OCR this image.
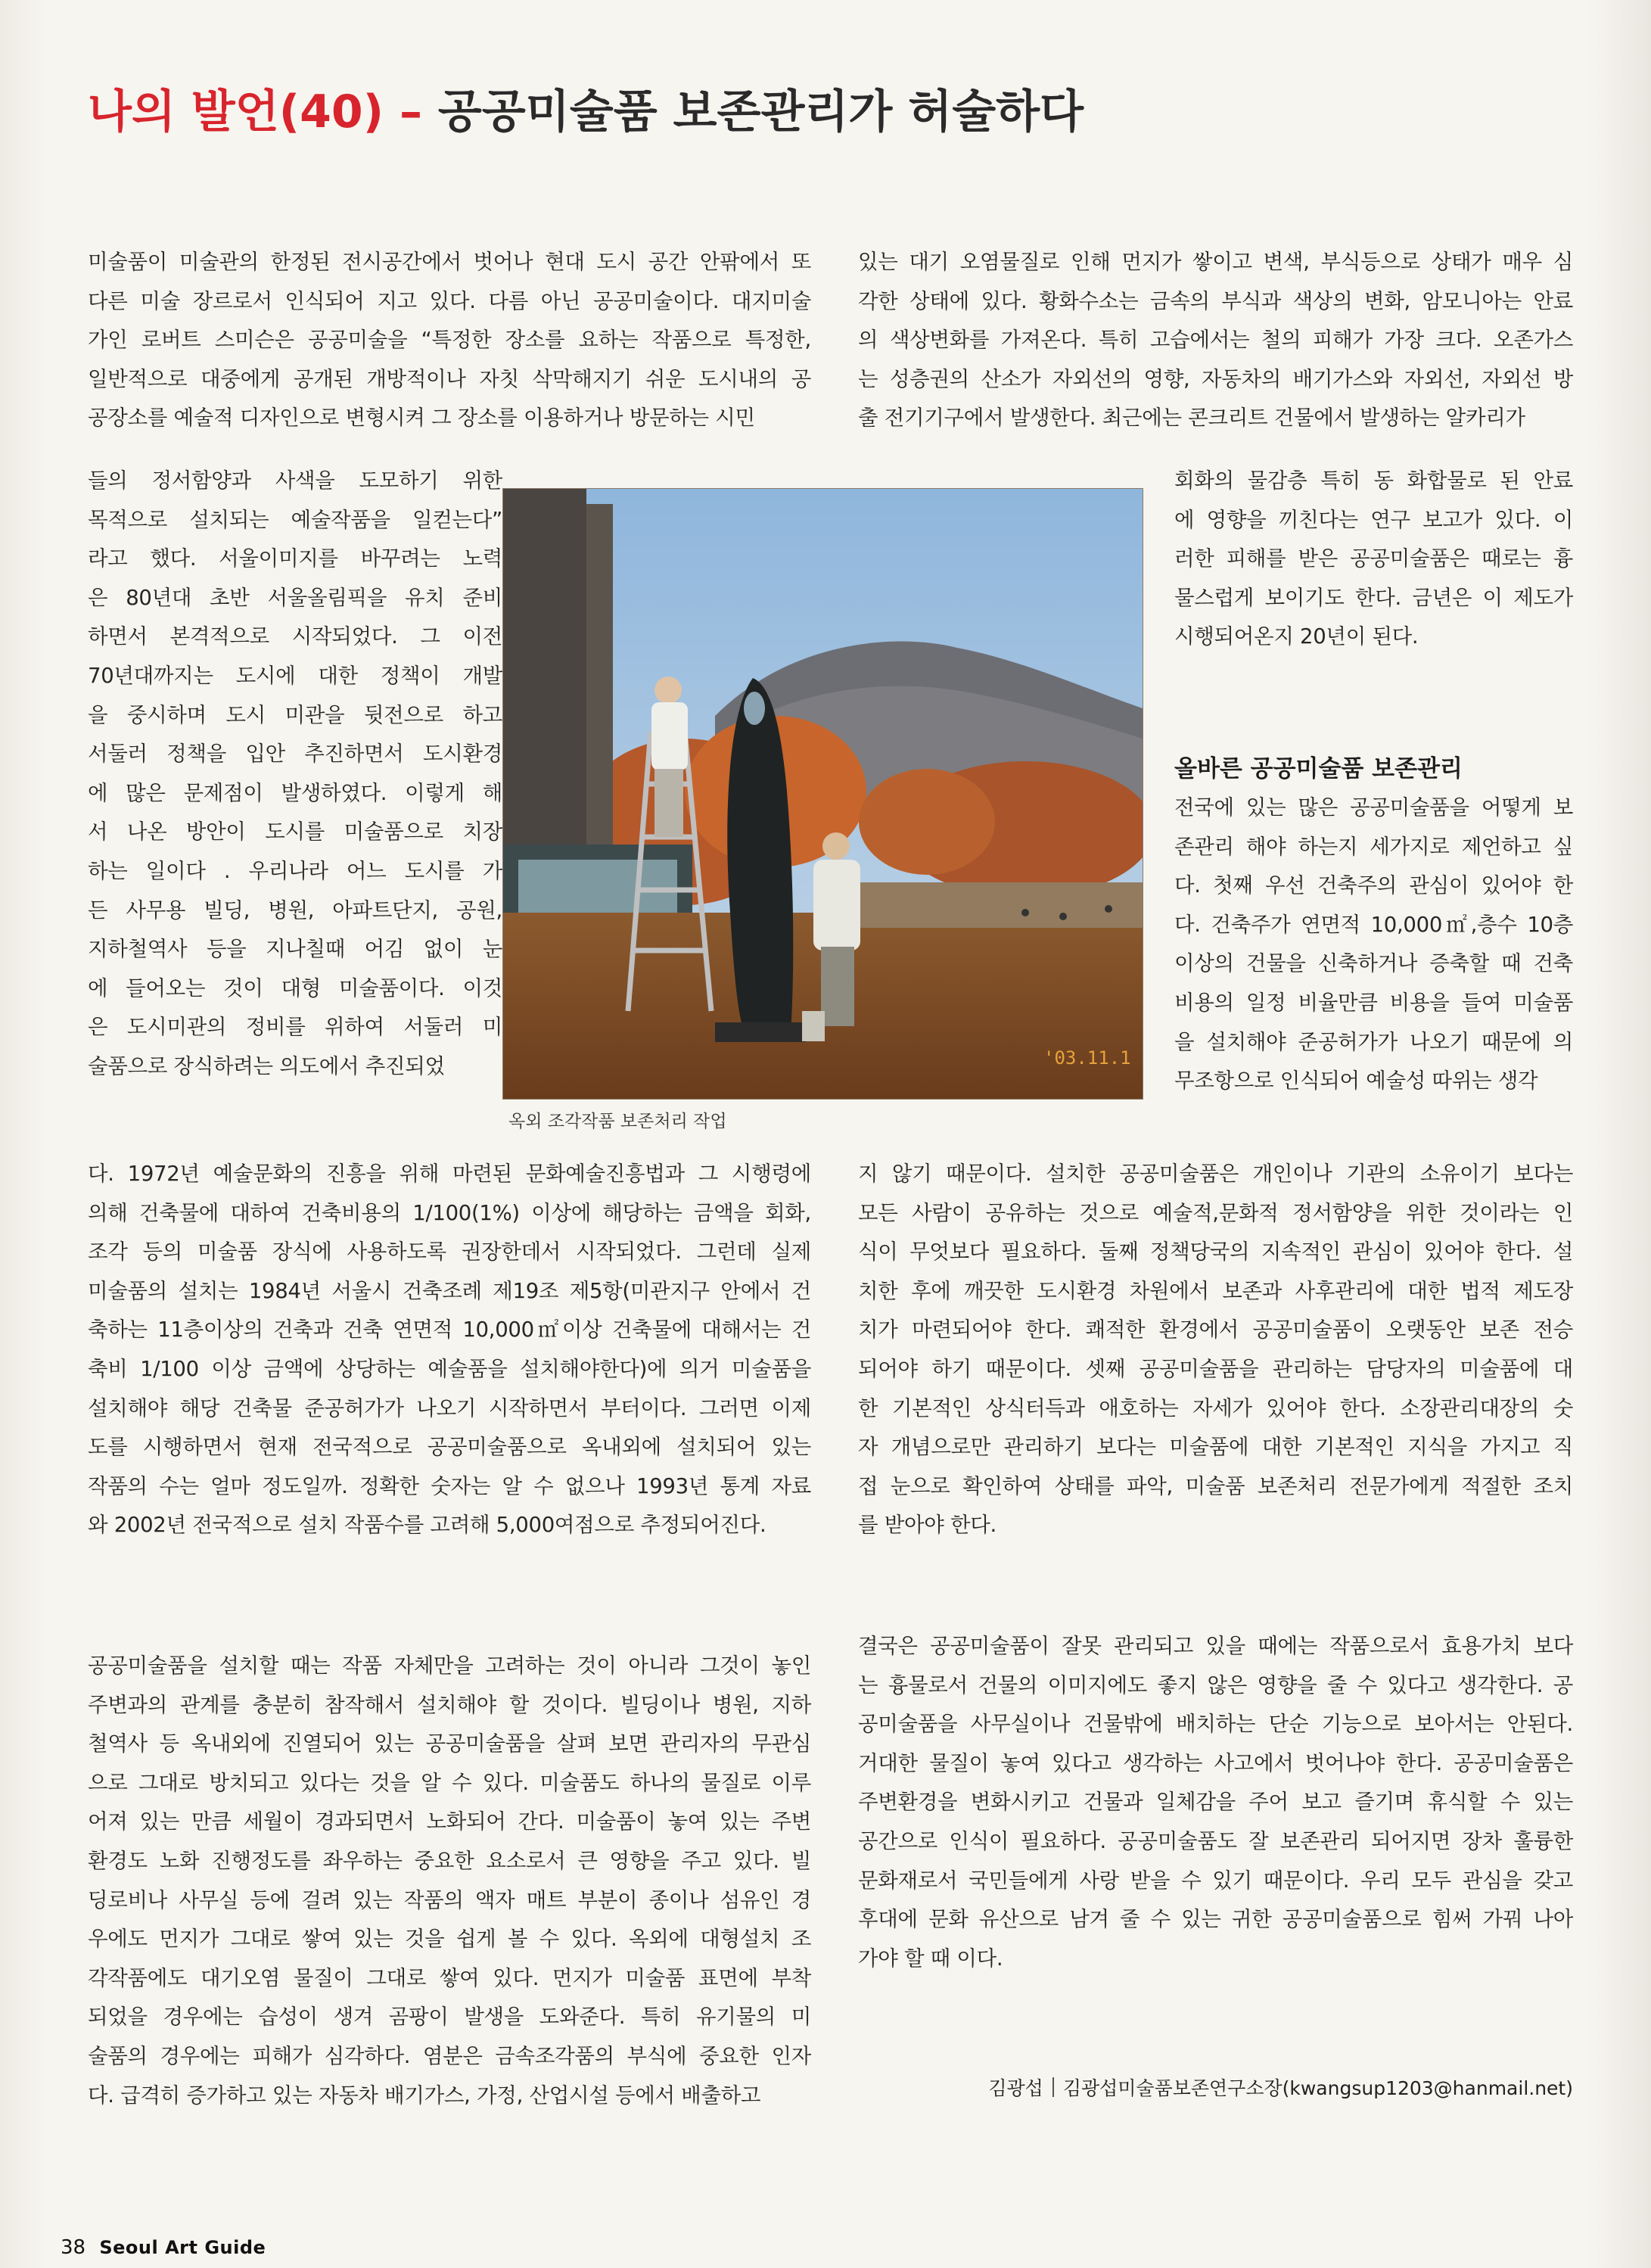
나의 발언(40) – 공공미술품 보존관리가 허술하다

미술품이 미술관의 한정된 전시공간에서 벗어나 현대 도시 공간 안팎에서 또

다른 미술 장르로서 인식되어 지고 있다. 다름 아닌 공공미술이다. 대지미술

가인 로버트 스미슨은 공공미술을 “특정한 장소를 요하는 작품으로 특정한,

일반적으로 대중에게 공개된 개방적이나 자칫 삭막해지기 쉬운 도시내의 공

공장소를 예술적 디자인으로 변형시켜 그 장소를 이용하거나 방문하는 시민

들의 정서함양과 사색을 도모하기 위한

목적으로 설치되는 예술작품을 일컫는다”

라고 했다. 서울이미지를 바꾸려는 노력

은 80년대 초반 서울올림픽을 유치 준비

하면서 본격적으로 시작되었다. 그 이전

70년대까지는 도시에 대한 정책이 개발

을 중시하며 도시 미관을 뒷전으로 하고

서둘러 정책을 입안 추진하면서 도시환경

에 많은 문제점이 발생하였다. 이렇게 해

서 나온 방안이 도시를 미술품으로 치장

하는 일이다 . 우리나라 어느 도시를 가

든 사무용 빌딩, 병원, 아파트단지, 공원,

지하철역사 등을 지나칠때 어김 없이 눈

에 들어오는 것이 대형 미술품이다. 이것

은 도시미관의 정비를 위하여 서둘러 미

술품으로 장식하려는 의도에서 추진되었

다. 1972년 예술문화의 진흥을 위해 마련된 문화예술진흥법과 그 시행령에

의해 건축물에 대하여 건축비용의 1/100(1%) 이상에 해당하는 금액을 회화,

조각 등의 미술품 장식에 사용하도록 권장한데서 시작되었다. 그런데 실제

미술품의 설치는 1984년 서울시 건축조례 제19조 제5항(미관지구 안에서 건

축하는 11층이상의 건축과 건축 연면적 10,000㎡이상 건축물에 대해서는 건

축비 1/100 이상 금액에 상당하는 예술품을 설치해야한다)에 의거 미술품을

설치해야 해당 건축물 준공허가가 나오기 시작하면서 부터이다. 그러면 이제

도를 시행하면서 현재 전국적으로 공공미술품으로 옥내외에 설치되어 있는

작품의 수는 얼마 정도일까. 정확한 숫자는 알 수 없으나 1993년 통계 자료

와 2002년 전국적으로 설치 작품수를 고려해 5,000여점으로 추정되어진다.

공공미술품을 설치할 때는 작품 자체만을 고려하는 것이 아니라 그것이 놓인

주변과의 관계를 충분히 참작해서 설치해야 할 것이다. 빌딩이나 병원, 지하

철역사 등 옥내외에 진열되어 있는 공공미술품을 살펴 보면 관리자의 무관심

으로 그대로 방치되고 있다는 것을 알 수 있다. 미술품도 하나의 물질로 이루

어져 있는 만큼 세월이 경과되면서 노화되어 간다. 미술품이 놓여 있는 주변

환경도 노화 진행정도를 좌우하는 중요한 요소로서 큰 영향을 주고 있다. 빌

딩로비나 사무실 등에 걸려 있는 작품의 액자 매트 부분이 종이나 섬유인 경

우에도 먼지가 그대로 쌓여 있는 것을 쉽게 볼 수 있다. 옥외에 대형설치 조

각작품에도 대기오염 물질이 그대로 쌓여 있다. 먼지가 미술품 표면에 부착

되었을 경우에는 습성이 생겨 곰팡이 발생을 도와준다. 특히 유기물의 미

술품의 경우에는 피해가 심각하다. 염분은 금속조각품의 부식에 중요한 인자

다. 급격히 증가하고 있는 자동차 배기가스, 가정, 산업시설 등에서 배출하고

있는 대기 오염물질로 인해 먼지가 쌓이고 변색, 부식등으로 상태가 매우 심

각한 상태에 있다. 황화수소는 금속의 부식과 색상의 변화, 암모니아는 안료

의 색상변화를 가져온다. 특히 고습에서는 철의 피해가 가장 크다. 오존가스

는 성층권의 산소가 자외선의 영향, 자동차의 배기가스와 자외선, 자외선 방

출 전기기구에서 발생한다. 최근에는 콘크리트 건물에서 발생하는 알카리가

회화의 물감층 특히 동 화합물로 된 안료

에 영향을 끼친다는 연구 보고가 있다. 이

러한 피해를 받은 공공미술품은 때로는 흉

물스럽게 보이기도 한다. 금년은 이 제도가

시행되어온지 20년이 된다.

올바른 공공미술품 보존관리

전국에 있는 많은 공공미술품을 어떻게 보

존관리 해야 하는지 세가지로 제언하고 싶

다. 첫째 우선 건축주의 관심이 있어야 한

다. 건축주가 연면적 10,000㎡,층수 10층

이상의 건물을 신축하거나 증축할 때 건축

비용의 일정 비율만큼 비용을 들여 미술품

을 설치해야 준공허가가 나오기 때문에 의

무조항으로 인식되어 예술성 따위는 생각

지 않기 때문이다. 설치한 공공미술품은 개인이나 기관의 소유이기 보다는

모든 사람이 공유하는 것으로 예술적,문화적 정서함양을 위한 것이라는 인

식이 무엇보다 필요하다. 둘째 정책당국의 지속적인 관심이 있어야 한다. 설

치한 후에 깨끗한 도시환경 차원에서 보존과 사후관리에 대한 법적 제도장

치가 마련되어야 한다. 쾌적한 환경에서 공공미술품이 오랫동안 보존 전승

되어야 하기 때문이다. 셋째 공공미술품을 관리하는 담당자의 미술품에 대

한 기본적인 상식터득과 애호하는 자세가 있어야 한다. 소장관리대장의 숫

자 개념으로만 관리하기 보다는 미술품에 대한 기본적인 지식을 가지고 직

접 눈으로 확인하여 상태를 파악, 미술품 보존처리 전문가에게 적절한 조치

를 받아야 한다.

결국은 공공미술품이 잘못 관리되고 있을 때에는 작품으로서 효용가치 보다

는 흉물로서 건물의 이미지에도 좋지 않은 영향을 줄 수 있다고 생각한다. 공

공미술품을 사무실이나 건물밖에 배치하는 단순 기능으로 보아서는 안된다.

거대한 물질이 놓여 있다고 생각하는 사고에서 벗어나야 한다. 공공미술품은

주변환경을 변화시키고 건물과 일체감을 주어 보고 즐기며 휴식할 수 있는

공간으로 인식이 필요하다. 공공미술품도 잘 보존관리 되어지면 장차 훌륭한

문화재로서 국민들에게 사랑 받을 수 있기 때문이다. 우리 모두 관심을 갖고

후대에 문화 유산으로 남겨 줄 수 있는 귀한 공공미술품으로 힘써 가꿔 나아

가야 할 때 이다.

김광섭 김광섭미술품보존연구소장(kwangsup1203@hanmail.net)

'03.11.1

옥외 조각작품 보존처리 작업

38 Seoul Art Guide
